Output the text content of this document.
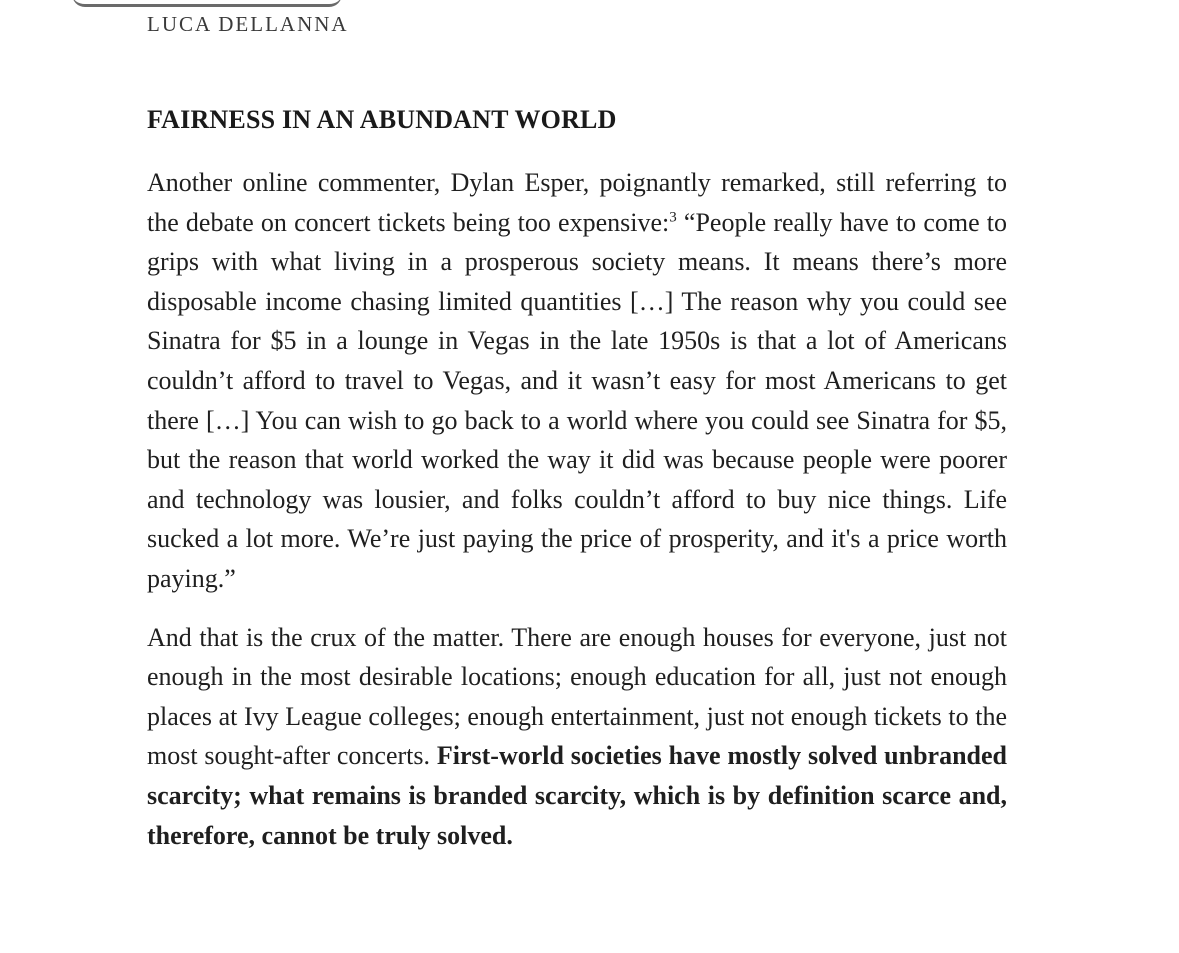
LUCA DELLANNA
FAIRNESS IN AN ABUNDANT WORLD

Another online commenter, Dylan Esper, poignantly remarked, still referring to the debate on concert tickets being too expensive:$^3$ “People really have to come to grips with what living in a prosperous society means. It means there’s more disposable income chasing limited quantities […] The reason why you could see Sinatra for $5 in a lounge in Vegas in the late 1950s is that a lot of Americans couldn’t afford to travel to Vegas, and it wasn’t easy for most Americans to get there […] You can wish to go back to a world where you could see Sinatra for $5, but the reason that world worked the way it did was because people were poorer and technology was lousier, and folks couldn’t afford to buy nice things. Life sucked a lot more. We’re just paying the price of prosperity, and it's a price worth paying.”

And that is the crux of the matter. There are enough houses for everyone, just not enough in the most desirable locations; enough education for all, just not enough places at Ivy League colleges; enough entertainment, just not enough tickets to the most sought-after concerts. First-world societies have mostly solved unbranded scarcity; what remains is branded scarcity, which is by definition scarce and, therefore, cannot be truly solved.
